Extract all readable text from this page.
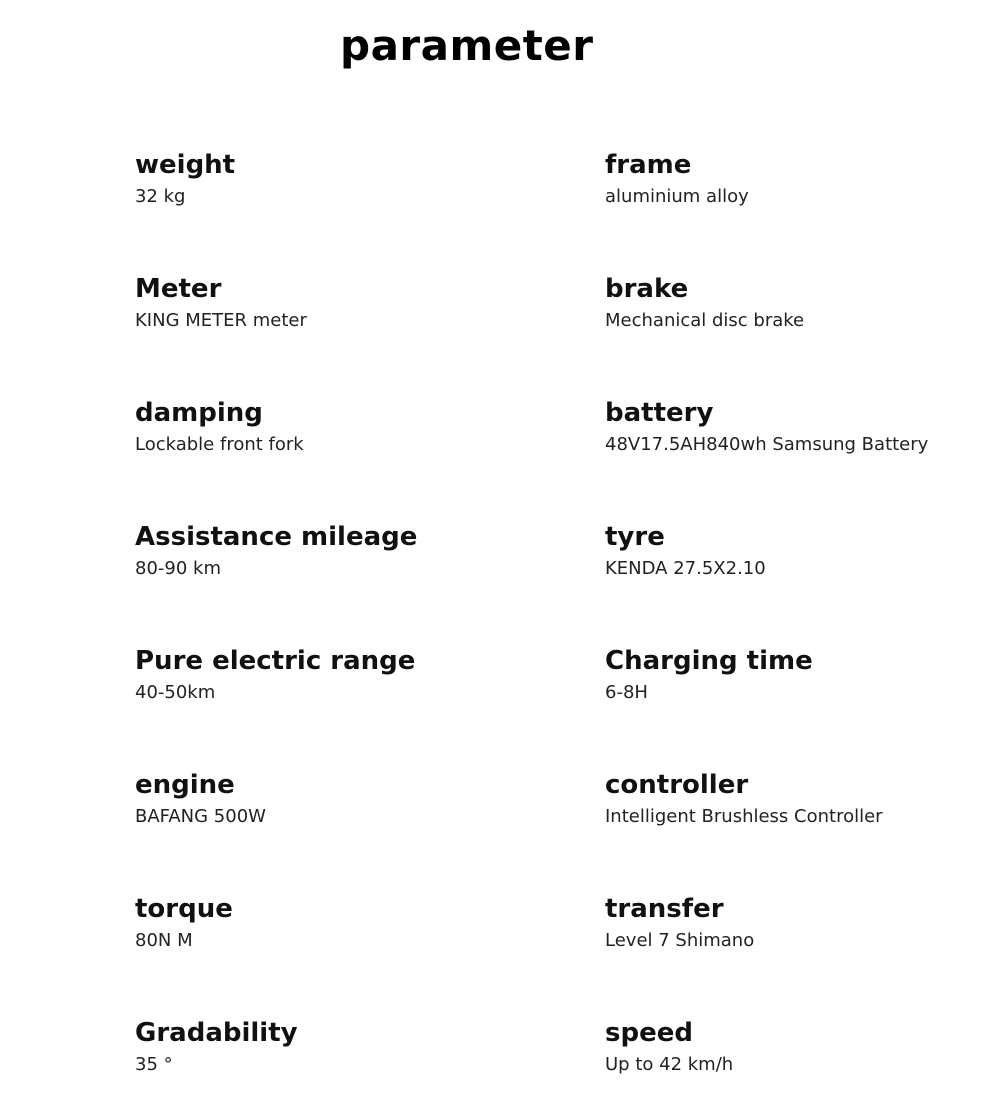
parameter
weight
32 kg
Meter
KING METER meter
damping
Lockable front fork
Assistance mileage
80-90 km
Pure electric range
40-50km
engine
BAFANG 500W
torque
80N M
Gradability
35 °
frame
aluminium alloy
brake
Mechanical disc brake
battery
48V17.5AH840wh Samsung Battery
tyre
KENDA 27.5X2.10
Charging time
6-8H
controller
Intelligent Brushless Controller
transfer
Level 7 Shimano
speed
Up to 42 km/h
